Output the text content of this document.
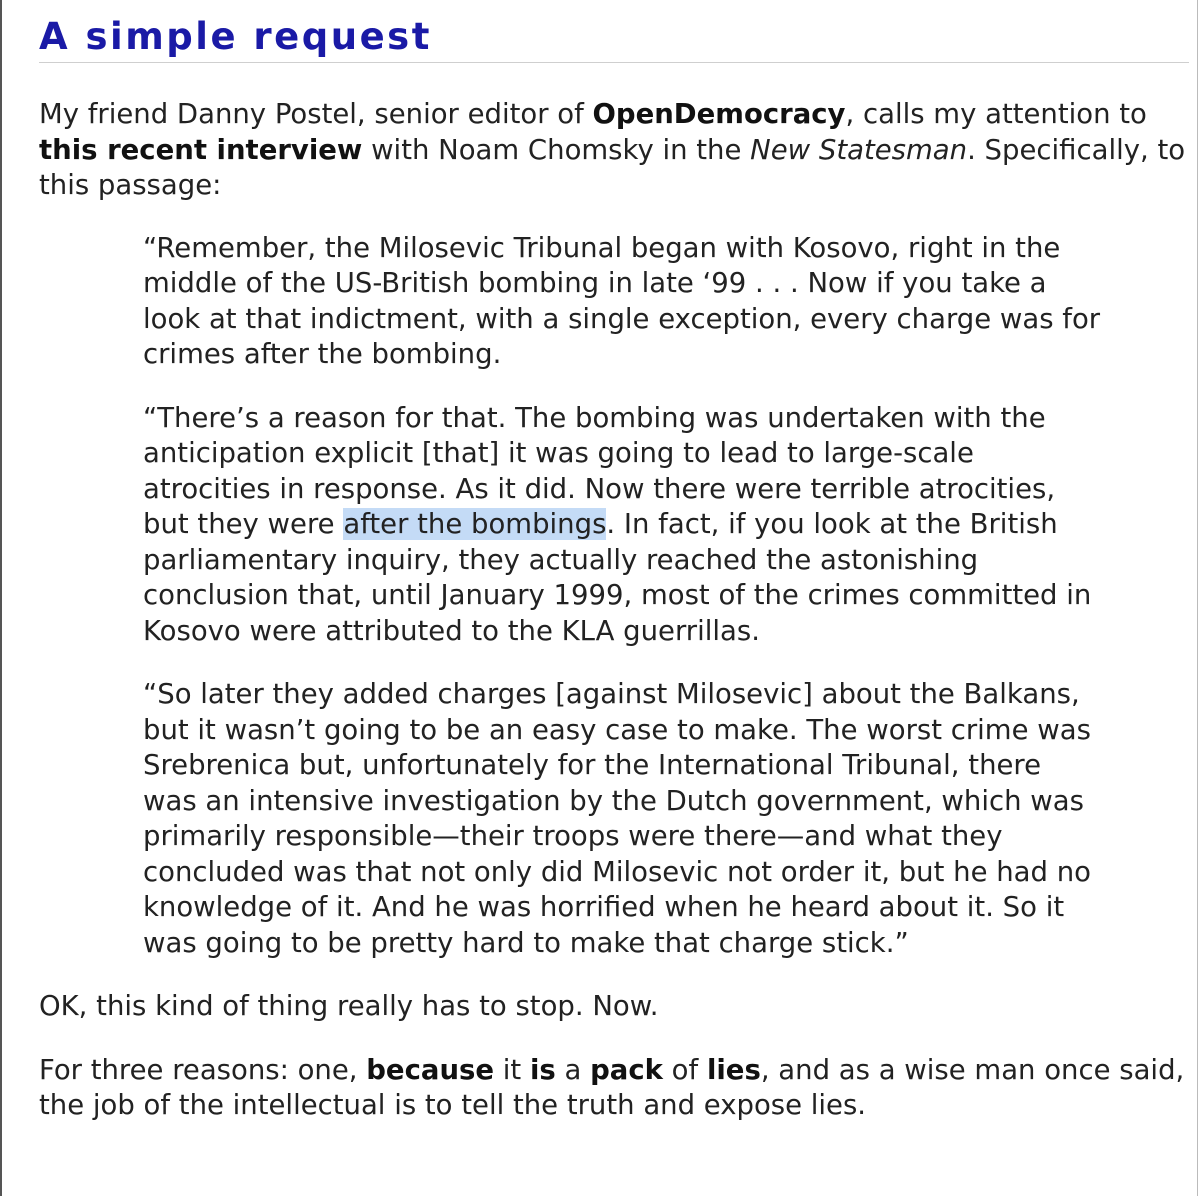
A simple request

My friend Danny Postel, senior editor of OpenDemocracy, calls my attention to this recent interview with Noam Chomsky in the New Statesman. Specifically, to this passage:

“Remember, the Milosevic Tribunal began with Kosovo, right in the middle of the US-British bombing in late ‘99 . . . Now if you take a look at that indictment, with a single exception, every charge was for crimes after the bombing.

“There’s a reason for that. The bombing was undertaken with the anticipation explicit [that] it was going to lead to large-scale atrocities in response. As it did. Now there were terrible atrocities, but they were after the bombings. In fact, if you look at the British parliamentary inquiry, they actually reached the astonishing conclusion that, until January 1999, most of the crimes committed in Kosovo were attributed to the KLA guerrillas.

“So later they added charges [against Milosevic] about the Balkans, but it wasn’t going to be an easy case to make. The worst crime was Srebrenica but, unfortunately for the International Tribunal, there was an intensive investigation by the Dutch government, which was primarily responsible—their troops were there—and what they concluded was that not only did Milosevic not order it, but he had no knowledge of it. And he was horrified when he heard about it. So it was going to be pretty hard to make that charge stick.”

OK, this kind of thing really has to stop. Now.

For three reasons: one, because it is a pack of lies, and as a wise man once said, the job of the intellectual is to tell the truth and expose lies.
